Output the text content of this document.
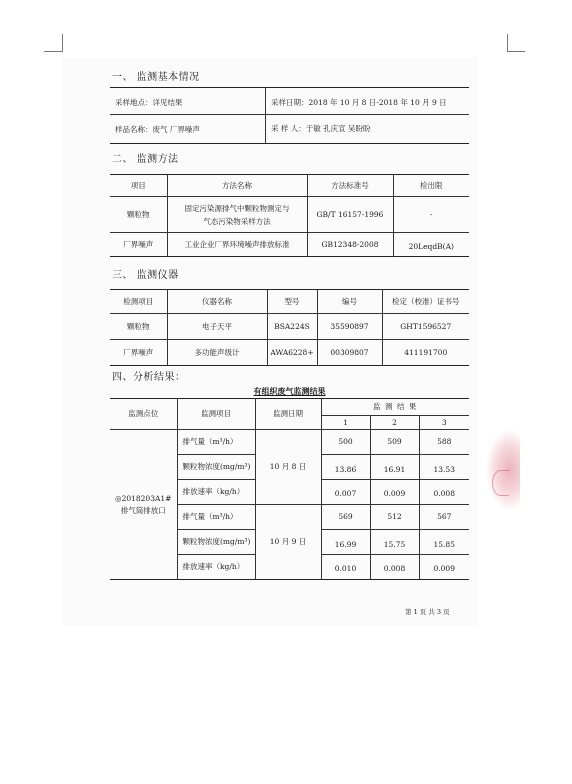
一、 监测基本情况
采样地点：详见结果	采样日期：2018 年 10 月 8 日-2018 年 10 月 9 日
样品名称：废气 厂界噪声	采 样 人：于敏 孔庆宣 吴盼盼
二、 监测方法
项目	方法名称	方法标准号	检出限
颗粒物	固定污染源排气中颗粒物测定与
气态污染物采样方法	GB/T 16157-1996	-
厂界噪声	工业企业厂界环境噪声排放标准	GB12348-2008	20LeqdB(A)
三、 监测仪器
检测项目	仪器名称	型号	编号	检定（校准）证书号
颗粒物	电子天平	BSA224S	35590897	GHT1596527
厂界噪声	多功能声级计	AWA6228+	00309807	411191700
四、分析结果：
有组织废气监测结果
监测点位	监测项目	监测日期	监 测 结 果		
			1	2	3

◎2018203A1#
排气筒排放口	排气量（m³/h）	10 月 8 日	500	509	588
	颗粒物浓度(mg/m³)		13.86	16.91	13.53
	排放速率（kg/h）		0.007	0.009	0.008
	排气量（m³/h）	10 月 9 日	569	512	567
	颗粒物浓度(mg/m³)		16.99	15.75	15.85
	排放速率（kg/h）		0.010	0.008	0.009
第 1 页 共 3 页
